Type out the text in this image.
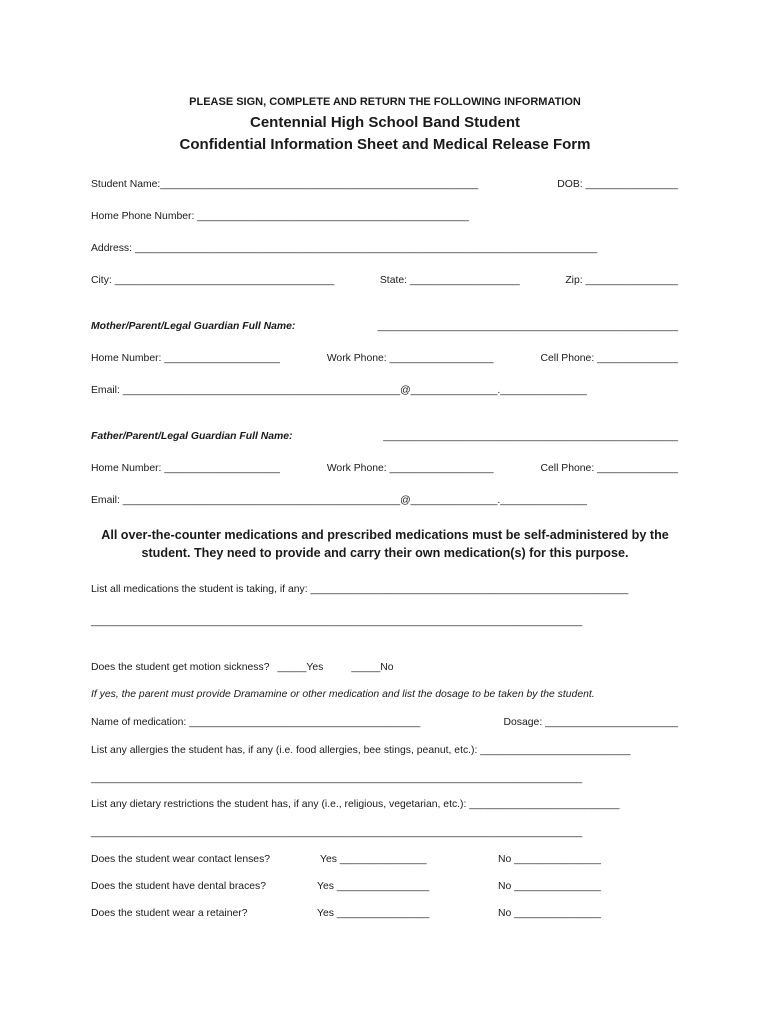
PLEASE SIGN, COMPLETE AND RETURN THE FOLLOWING INFORMATION
Centennial High School Band Student
Confidential Information Sheet and Medical Release Form
Student Name:_______________________________________________________	DOB: ________________
Home Phone Number: _______________________________________________
Address: ________________________________________________________________________________
City: ______________________________________	State: ___________________	Zip: ________________
Mother/Parent/Legal Guardian Full Name:	____________________________________________________
Home Number: ____________________	Work Phone: __________________	Cell Phone: ______________
Email: ________________________________________________@_______________._______________
Father/Parent/Legal Guardian Full Name:	___________________________________________________
Home Number: ____________________	Work Phone: __________________	Cell Phone: ______________
Email: ________________________________________________@_______________._______________
All over-the-counter medications and prescribed medications must be self-administered by the student. They need to provide and carry their own medication(s) for this purpose.
List all medications the student is taking, if any: _______________________________________________________
_____________________________________________________________________________________
Does the student get motion sickness? _____Yes	_____No
If yes, the parent must provide Dramamine or other medication and list the dosage to be taken by the student.
Name of medication: ________________________________________	Dosage: _______________________
List any allergies the student has, if any (i.e. food allergies, bee stings, peanut, etc.): __________________________
_____________________________________________________________________________________
List any dietary restrictions the student has, if any (i.e., religious, vegetarian, etc.): __________________________
_____________________________________________________________________________________
Does the student wear contact lenses?	Yes _______________	No _______________
Does the student have dental braces?	Yes ________________	No _______________
Does the student wear a retainer?	Yes ________________	No _______________
